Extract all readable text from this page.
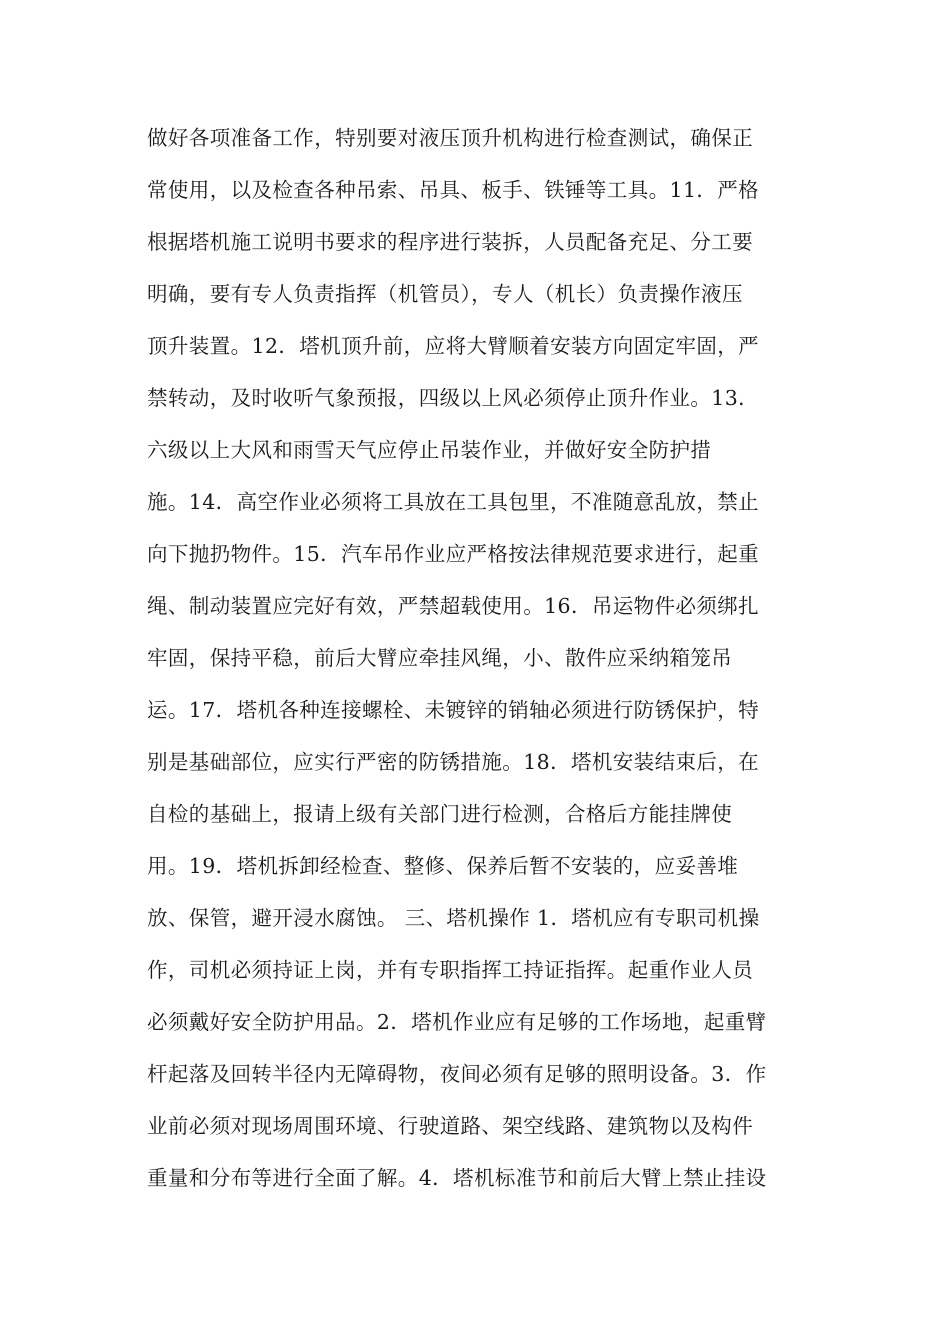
做好各项准备工作，特别要对液压顶升机构进行检查测试，确保正
常使用，以及检查各种吊索、吊具、板手、铁锤等工具。11．严格
根据塔机施工说明书要求的程序进行装拆，人员配备充足、分工要
明确，要有专人负责指挥（机管员），专人（机长）负责操作液压
顶升装置。12．塔机顶升前，应将大臂顺着安装方向固定牢固，严
禁转动，及时收听气象预报，四级以上风必须停止顶升作业。13．
六级以上大风和雨雪天气应停止吊装作业，并做好安全防护措
施。14．高空作业必须将工具放在工具包里，不准随意乱放，禁止
向下抛扔物件。15．汽车吊作业应严格按法律规范要求进行，起重
绳、制动装置应完好有效，严禁超载使用。16．吊运物件必须绑扎
牢固，保持平稳，前后大臂应牵挂风绳，小、散件应采纳箱笼吊
运。17．塔机各种连接螺栓、未镀锌的销轴必须进行防锈保护，特
别是基础部位，应实行严密的防锈措施。18．塔机安装结束后，在
自检的基础上，报请上级有关部门进行检测，合格后方能挂牌使
用。19．塔机拆卸经检查、整修、保养后暂不安装的，应妥善堆
放、保管，避开浸水腐蚀。 三、塔机操作 1．塔机应有专职司机操
作，司机必须持证上岗，并有专职指挥工持证指挥。起重作业人员
必须戴好安全防护用品。2．塔机作业应有足够的工作场地，起重臂
杆起落及回转半径内无障碍物，夜间必须有足够的照明设备。3．作
业前必须对现场周围环境、行驶道路、架空线路、建筑物以及构件
重量和分布等进行全面了解。4．塔机标准节和前后大臂上禁止挂设
